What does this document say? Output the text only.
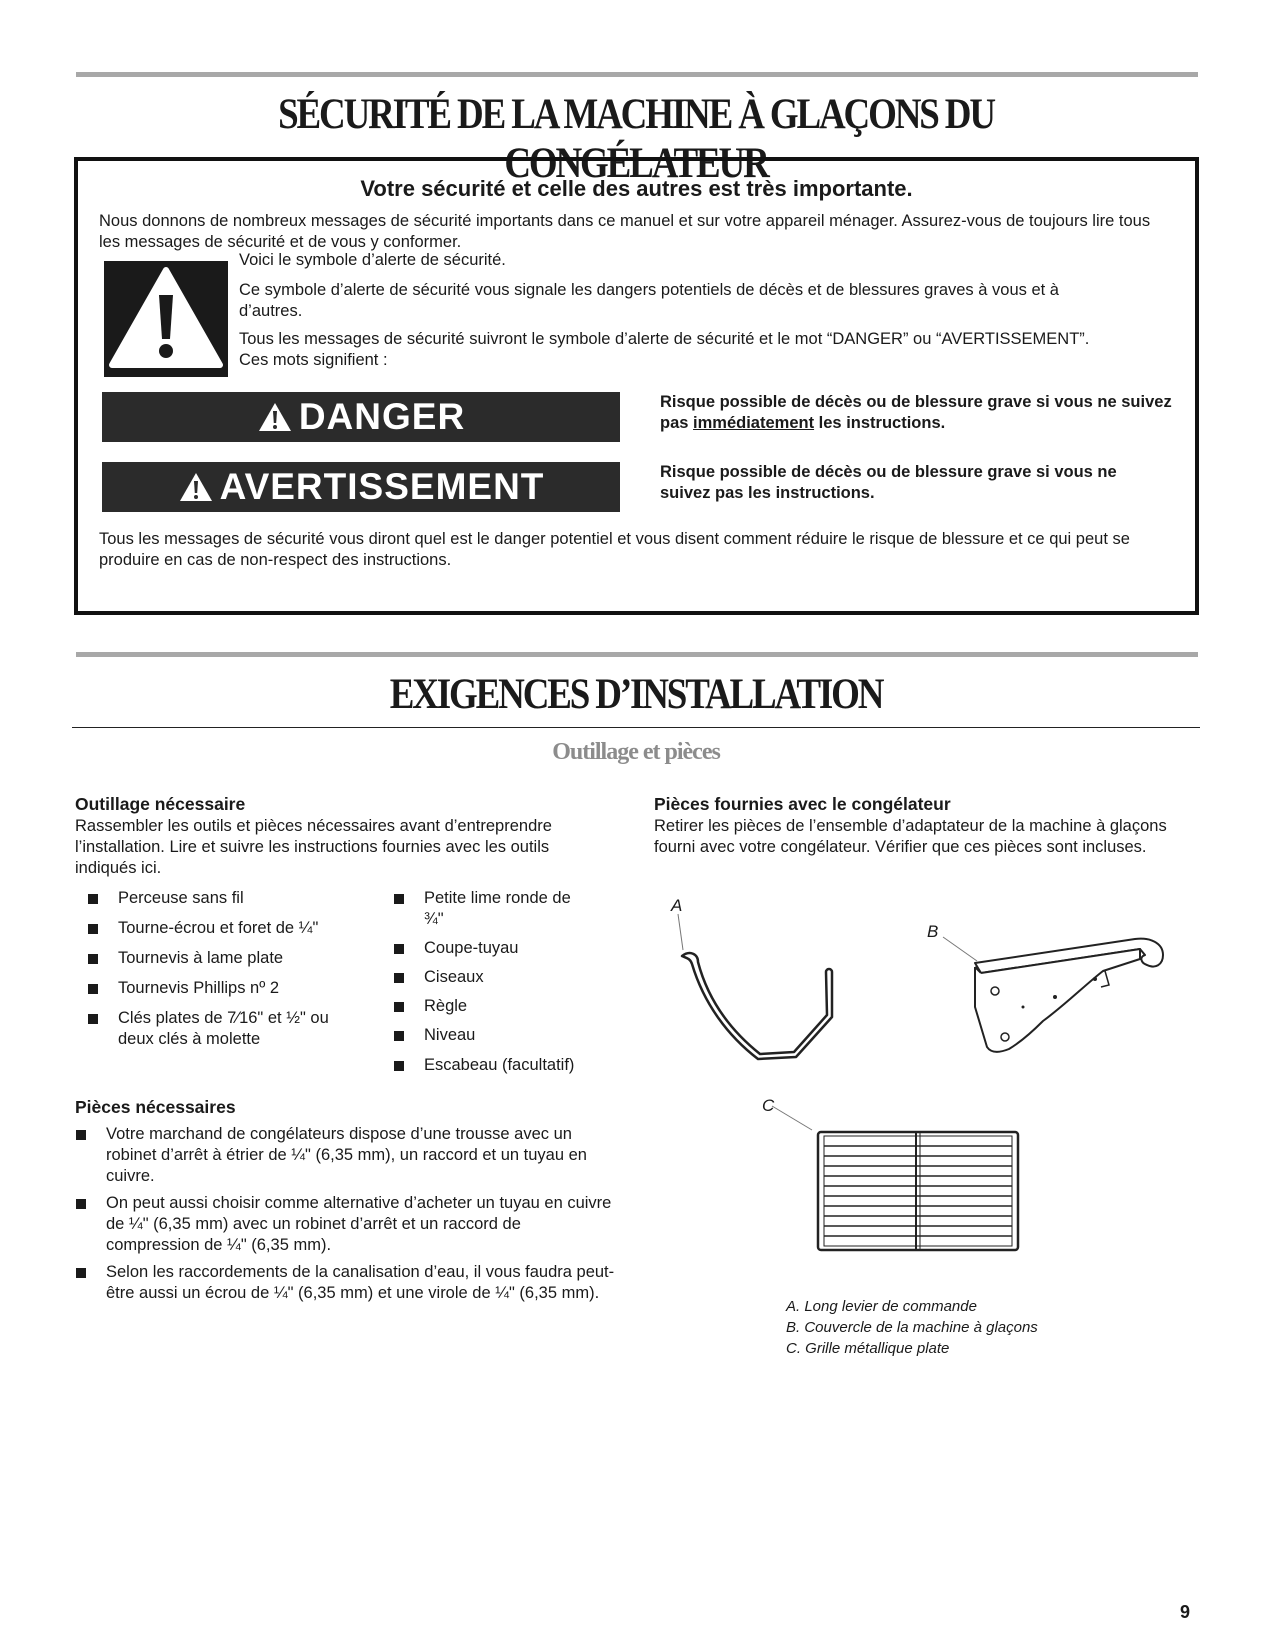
SÉCURITÉ DE LA MACHINE À GLAÇONS DU CONGÉLATEUR
Votre sécurité et celle des autres est très importante.
Nous donnons de nombreux messages de sécurité importants dans ce manuel et sur votre appareil ménager. Assurez-vous de toujours lire tous les messages de sécurité et de vous y conformer.
Voici le symbole d’alerte de sécurité.
Ce symbole d’alerte de sécurité vous signale les dangers potentiels de décès et de blessures graves à vous et à d’autres.
Tous les messages de sécurité suivront le symbole d’alerte de sécurité et le mot “DANGER” ou “AVERTISSEMENT”. Ces mots signifient :
DANGER	Risque possible de décès ou de blessure grave si vous ne suivez pas immédiatement les instructions.
AVERTISSEMENT	Risque possible de décès ou de blessure grave si vous ne suivez pas les instructions.
Tous les messages de sécurité vous diront quel est le danger potentiel et vous disent comment réduire le risque de blessure et ce qui peut se produire en cas de non-respect des instructions.
EXIGENCES D’INSTALLATION
Outillage et pièces
Outillage nécessaire
Rassembler les outils et pièces nécessaires avant d’entreprendre l’installation. Lire et suivre les instructions fournies avec les outils indiqués ici.
Perceuse sans fil
Tourne-écrou et foret de ¼"
Tournevis à lame plate
Tournevis Phillips nº 2
Clés plates de 7⁄16" et ½" ou deux clés à molette
Petite lime ronde de ¾"
Coupe-tuyau
Ciseaux
Règle
Niveau
Escabeau (facultatif)
Pièces nécessaires
Votre marchand de congélateurs dispose d’une trousse avec un robinet d’arrêt à étrier de ¼" (6,35 mm), un raccord et un tuyau en cuivre.
On peut aussi choisir comme alternative d’acheter un tuyau en cuivre de ¼" (6,35 mm) avec un robinet d’arrêt et un raccord de compression de ¼" (6,35 mm).
Selon les raccordements de la canalisation d’eau, il vous faudra peut-être aussi un écrou de ¼" (6,35 mm) et une virole de ¼" (6,35 mm).
Pièces fournies avec le congélateur
Retirer les pièces de l’ensemble d’adaptateur de la machine à glaçons fourni avec votre congélateur. Vérifier que ces pièces sont incluses.
A
B
C
A. Long levier de commande
B. Couvercle de la machine à glaçons
C. Grille métallique plate
9
